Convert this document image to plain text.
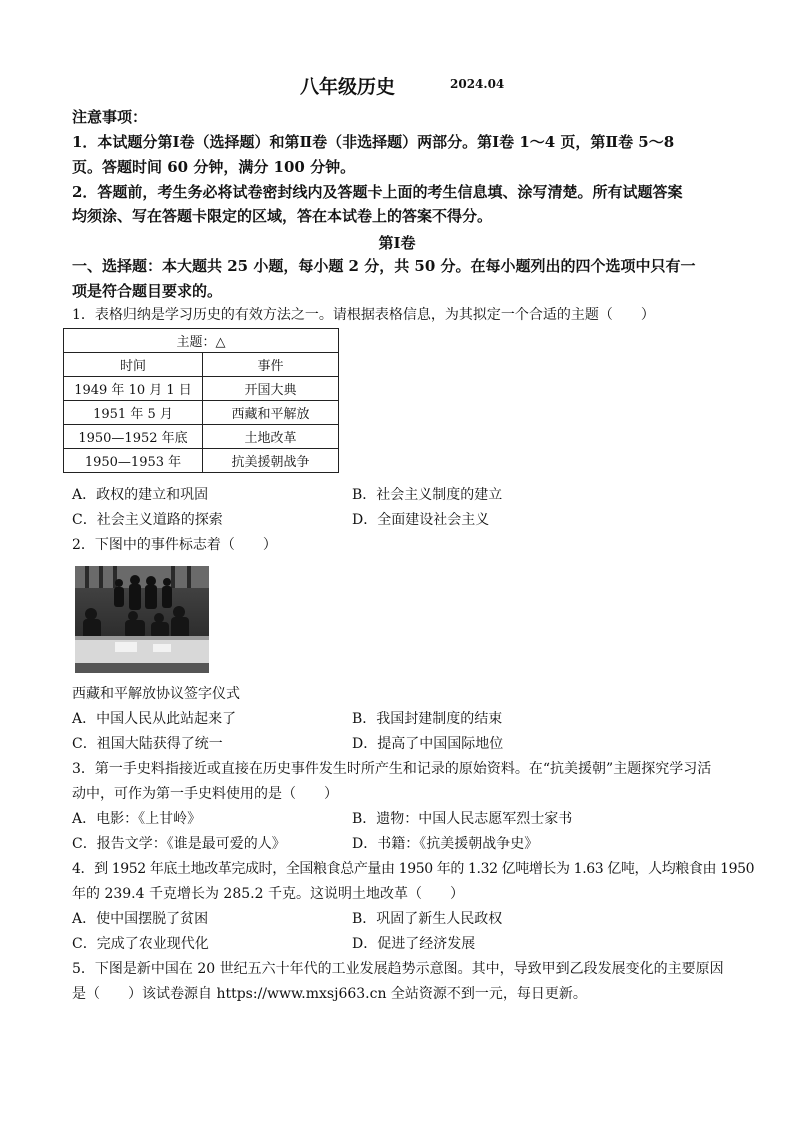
八年级历史	2024.04
注意事项：
1．本试题分第Ⅰ卷（选择题）和第Ⅱ卷（非选择题）两部分。第Ⅰ卷 1～4 页，第Ⅱ卷 5～8
页。答题时间 60 分钟，满分 100 分钟。
2．答题前，考生务必将试卷密封线内及答题卡上面的考生信息填、涂写清楚。所有试题答案
均须涂、写在答题卡限定的区域，答在本试卷上的答案不得分。
第Ⅰ卷
一、选择题：本大题共 25 小题，每小题 2 分，共 50 分。在每小题列出的四个选项中只有一
项是符合题目要求的。
1．表格归纳是学习历史的有效方法之一。请根据表格信息，为其拟定一个合适的主题（　　）
主题：△	
时间	事件
1949 年 10 月 1 日	开国大典
1951 年 5 月	西藏和平解放
1950—1952 年底	土地改革
1950—1953 年	抗美援朝战争
A．政权的建立和巩固	B．社会主义制度的建立
C．社会主义道路的探索	D．全面建设社会主义
2．下图中的事件标志着（　　）
西藏和平解放协议签字仪式
A．中国人民从此站起来了	B．我国封建制度的结束
C．祖国大陆获得了统一	D．提高了中国国际地位
3．第一手史料指接近或直接在历史事件发生时所产生和记录的原始资料。在“抗美援朝”主题探究学习活
动中，可作为第一手史料使用的是（　　）
A．电影：《上甘岭》	B．遗物：中国人民志愿军烈士家书
C．报告文学：《谁是最可爱的人》	D．书籍：《抗美援朝战争史》
4．到 1952 年底土地改革完成时，全国粮食总产量由 1950 年的 1.32 亿吨增长为 1.63 亿吨，人均粮食由 1950
年的 239.4 千克增长为 285.2 千克。这说明土地改革（　　）
A．使中国摆脱了贫困	B．巩固了新生人民政权
C．完成了农业现代化	D．促进了经济发展
5．下图是新中国在 20 世纪五六十年代的工业发展趋势示意图。其中，导致甲到乙段发展变化的主要原因
是（　　）该试卷源自 https://www.mxsj663.cn 全站资源不到一元，每日更新。
